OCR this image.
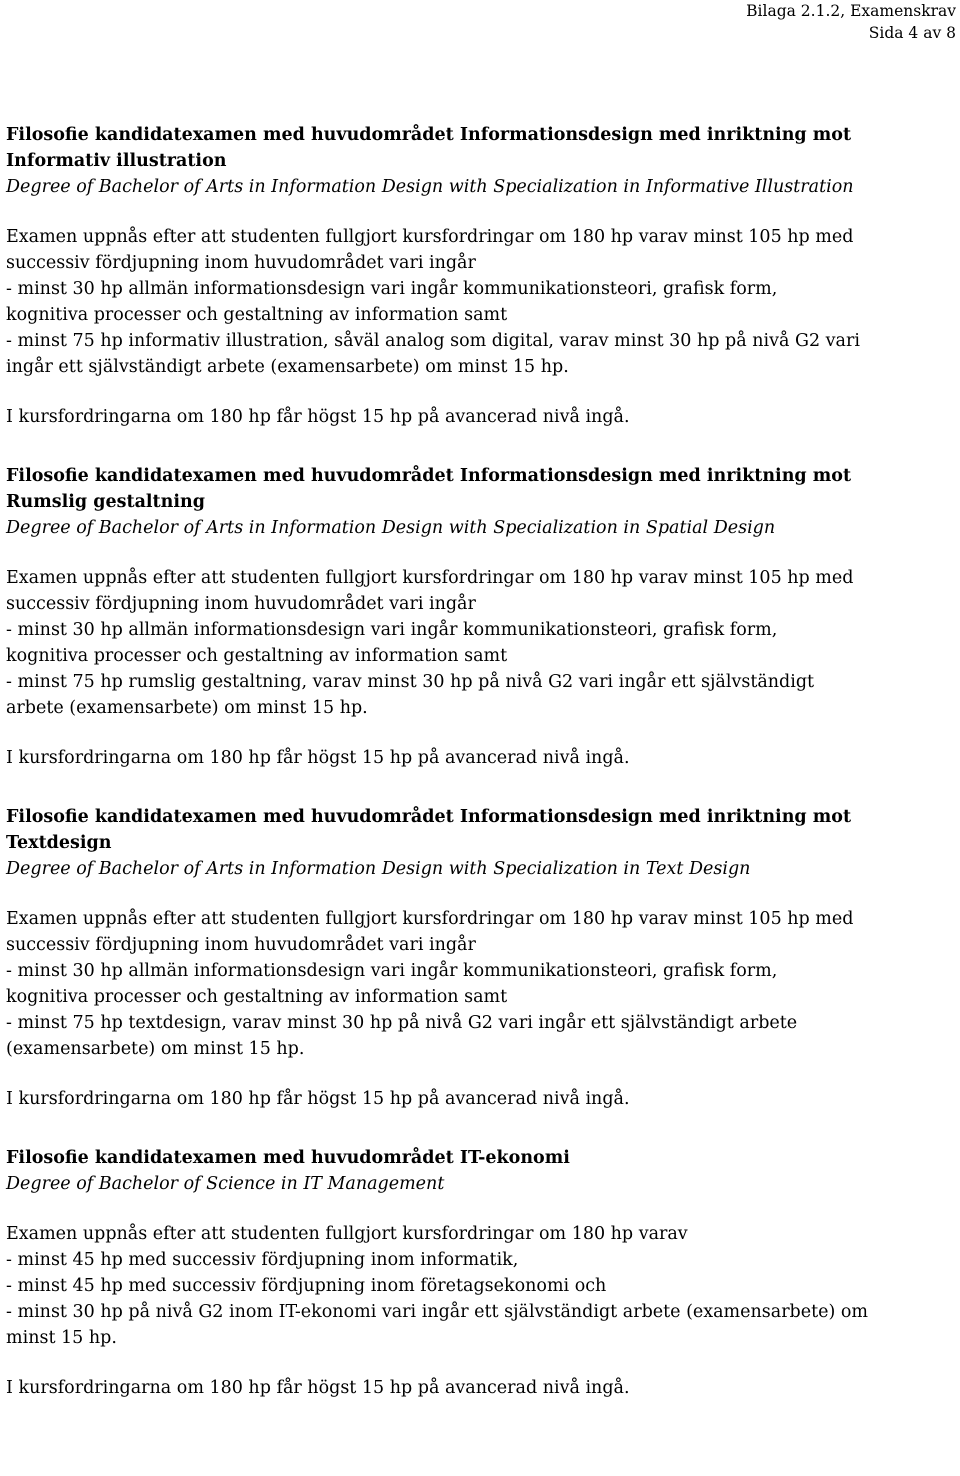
Bilaga 2.1.2, Examenskrav
Sida 4 av 8
Filosofie kandidatexamen med huvudområdet Informationsdesign med inriktning mot
Informativ illustration
Degree of Bachelor of Arts in Information Design with Specialization in Informative Illustration
Examen uppnås efter att studenten fullgjort kursfordringar om 180 hp varav minst 105 hp med
successiv fördjupning inom huvudområdet vari ingår
- minst 30 hp allmän informationsdesign vari ingår kommunikationsteori, grafisk form,
kognitiva processer och gestaltning av information samt
- minst 75 hp informativ illustration, såväl analog som digital, varav minst 30 hp på nivå G2 vari
ingår ett självständigt arbete (examensarbete) om minst 15 hp.
I kursfordringarna om 180 hp får högst 15 hp på avancerad nivå ingå.
Filosofie kandidatexamen med huvudområdet Informationsdesign med inriktning mot
Rumslig gestaltning
Degree of Bachelor of Arts in Information Design with Specialization in Spatial Design
Examen uppnås efter att studenten fullgjort kursfordringar om 180 hp varav minst 105 hp med
successiv fördjupning inom huvudområdet vari ingår
- minst 30 hp allmän informationsdesign vari ingår kommunikationsteori, grafisk form,
kognitiva processer och gestaltning av information samt
- minst 75 hp rumslig gestaltning, varav minst 30 hp på nivå G2 vari ingår ett självständigt
arbete (examensarbete) om minst 15 hp.
I kursfordringarna om 180 hp får högst 15 hp på avancerad nivå ingå.
Filosofie kandidatexamen med huvudområdet Informationsdesign med inriktning mot
Textdesign
Degree of Bachelor of Arts in Information Design with Specialization in Text Design
Examen uppnås efter att studenten fullgjort kursfordringar om 180 hp varav minst 105 hp med
successiv fördjupning inom huvudområdet vari ingår
- minst 30 hp allmän informationsdesign vari ingår kommunikationsteori, grafisk form,
kognitiva processer och gestaltning av information samt
- minst 75 hp textdesign, varav minst 30 hp på nivå G2 vari ingår ett självständigt arbete
(examensarbete) om minst 15 hp.
I kursfordringarna om 180 hp får högst 15 hp på avancerad nivå ingå.
Filosofie kandidatexamen med huvudområdet IT-ekonomi
Degree of Bachelor of Science in IT Management
Examen uppnås efter att studenten fullgjort kursfordringar om 180 hp varav
- minst 45 hp med successiv fördjupning inom informatik,
- minst 45 hp med successiv fördjupning inom företagsekonomi och
- minst 30 hp på nivå G2 inom IT-ekonomi vari ingår ett självständigt arbete (examensarbete) om
minst 15 hp.
I kursfordringarna om 180 hp får högst 15 hp på avancerad nivå ingå.
